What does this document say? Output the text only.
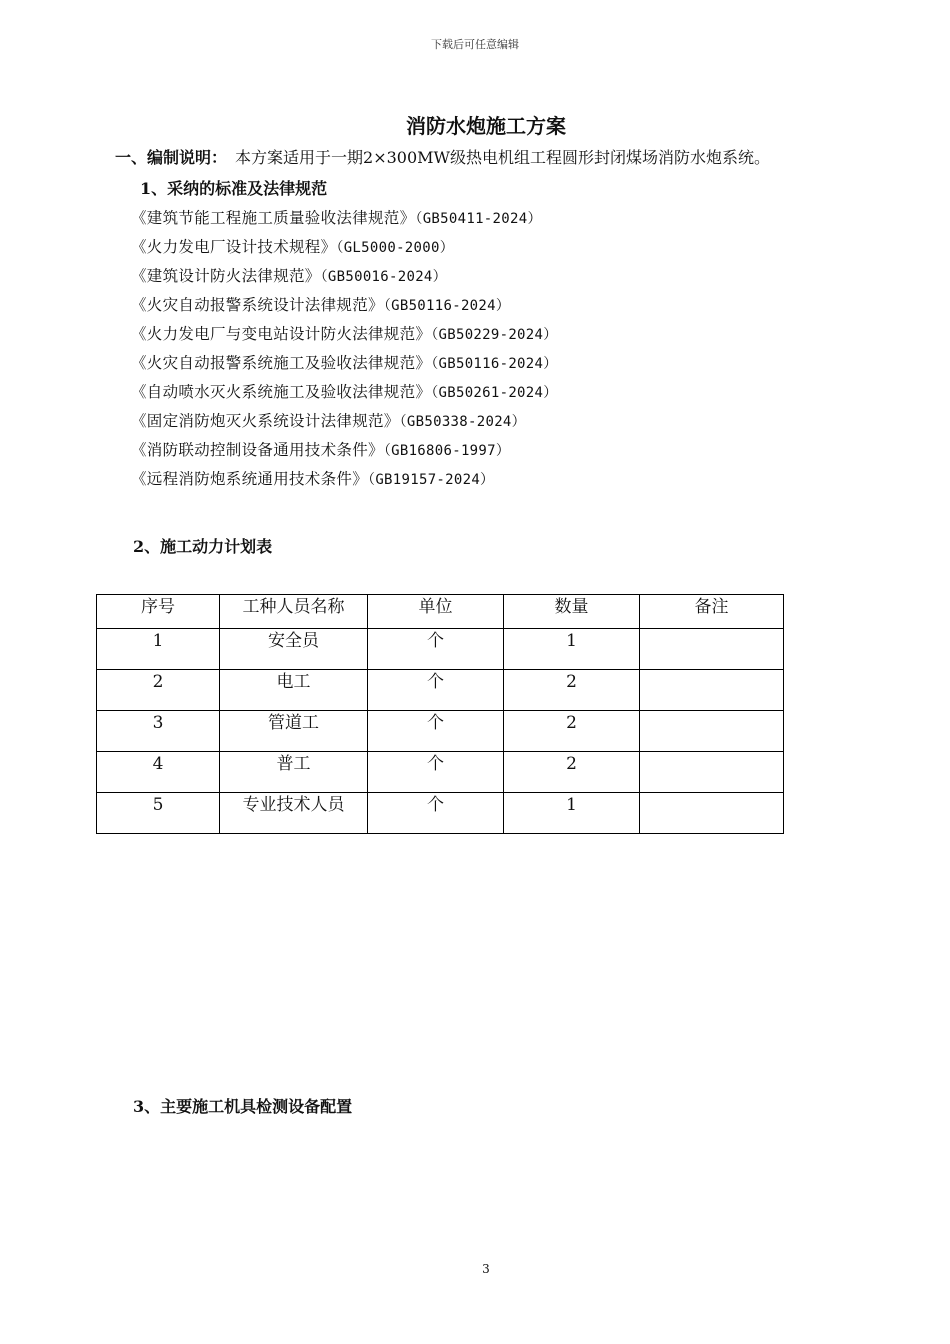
下载后可任意编辑
消防水炮施工方案
一、编制说明： 本方案适用于一期2×300MW级热电机组工程圆形封闭煤场消防水炮系统。
1、采纳的标准及法律规范
《建筑节能工程施工质量验收法律规范》（GB50411-2024）
《火力发电厂设计技术规程》（GL5000-2000）
《建筑设计防火法律规范》（GB50016-2024）
《火灾自动报警系统设计法律规范》（GB50116-2024）
《火力发电厂与变电站设计防火法律规范》（GB50229-2024）
《火灾自动报警系统施工及验收法律规范》（GB50116-2024）
《自动喷水灭火系统施工及验收法律规范》（GB50261-2024）
《固定消防炮灭火系统设计法律规范》（GB50338-2024）
《消防联动控制设备通用技术条件》（GB16806-1997）
《远程消防炮系统通用技术条件》（GB19157-2024）
2、施工动力计划表
序号	工种人员名称	单位	数量	备注
1	安全员	个	1	
2	电工	个	2	
3	管道工	个	2	
4	普工	个	2	
5	专业技术人员	个	1	
3、主要施工机具检测设备配置
3
